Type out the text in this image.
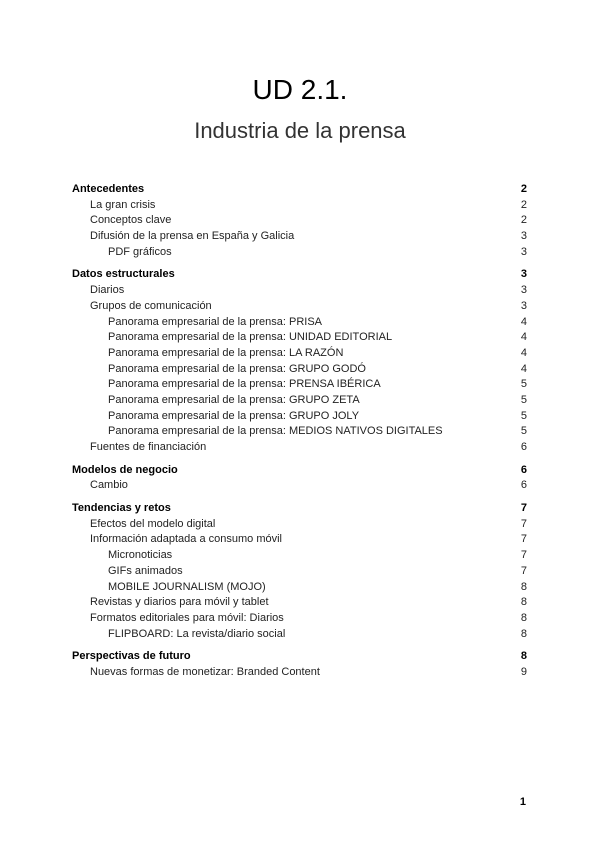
UD 2.1.
Industria de la prensa
Antecedentes	2
La gran crisis	2
Conceptos clave	2
Difusión de la prensa en España y Galicia	3
PDF gráficos	3
Datos estructurales	3
Diarios	3
Grupos de comunicación	3
Panorama empresarial de la prensa: PRISA	4
Panorama empresarial de la prensa: UNIDAD EDITORIAL	4
Panorama empresarial de la prensa: LA RAZÓN	4
Panorama empresarial de la prensa: GRUPO GODÓ	4
Panorama empresarial de la prensa: PRENSA IBÉRICA	5
Panorama empresarial de la prensa: GRUPO ZETA	5
Panorama empresarial de la prensa: GRUPO JOLY	5
Panorama empresarial de la prensa: MEDIOS NATIVOS DIGITALES	5
Fuentes de financiación	6
Modelos de negocio	6
Cambio	6
Tendencias y retos	7
Efectos del modelo digital	7
Información adaptada a consumo móvil	7
Micronoticias	7
GIFs animados	7
MOBILE JOURNALISM (MOJO)	8
Revistas y diarios para móvil y tablet	8
Formatos editoriales para móvil: Diarios	8
FLIPBOARD: La revista/diario social	8
Perspectivas de futuro	8
Nuevas formas de monetizar: Branded Content	9
1
